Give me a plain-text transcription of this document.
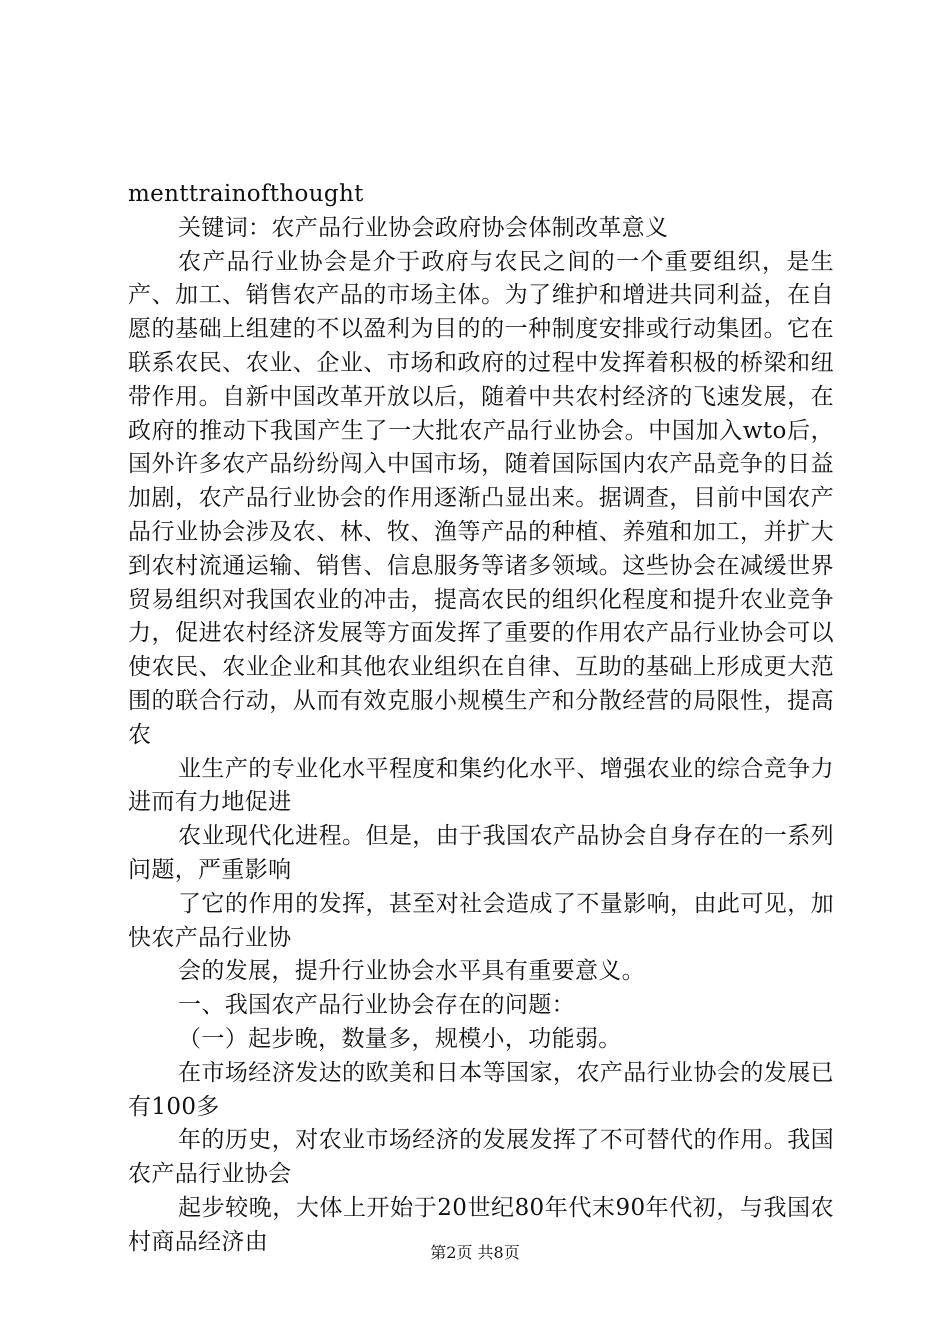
menttrainofthought

关键词：农产品行业协会政府协会体制改革意义

农产品行业协会是介于政府与农民之间的一个重要组织，是生产、加工、销售农产品的市场主体。为了维护和增进共同利益，在自愿的基础上组建的不以盈利为目的的一种制度安排或行动集团。它在联系农民、农业、企业、市场和政府的过程中发挥着积极的桥梁和纽带作用。自新中国改革开放以后，随着中共农村经济的飞速发展，在政府的推动下我国产生了一大批农产品行业协会。中国加入wto后，国外许多农产品纷纷闯入中国市场，随着国际国内农产品竞争的日益加剧，农产品行业协会的作用逐渐凸显出来。据调查，目前中国农产品行业协会涉及农、林、牧、渔等产品的种植、养殖和加工，并扩大到农村流通运输、销售、信息服务等诸多领域。这些协会在减缓世界贸易组织对我国农业的冲击，提高农民的组织化程度和提升农业竞争力，促进农村经济发展等方面发挥了重要的作用农产品行业协会可以使农民、农业企业和其他农业组织在自律、互助的基础上形成更大范围的联合行动，从而有效克服小规模生产和分散经营的局限性，提高农

业生产的专业化水平程度和集约化水平、增强农业的综合竞争力进而有力地促进

农业现代化进程。但是，由于我国农产品协会自身存在的一系列问题，严重影响

了它的作用的发挥，甚至对社会造成了不量影响，由此可见，加快农产品行业协

会的发展，提升行业协会水平具有重要意义。

一、我国农产品行业协会存在的问题：

（一）起步晚，数量多，规模小，功能弱。

在市场经济发达的欧美和日本等国家，农产品行业协会的发展已有100多

年的历史，对农业市场经济的发展发挥了不可替代的作用。我国农产品行业协会

起步较晚，大体上开始于20世纪80年代末90年代初，与我国农村商品经济由	第2页 共8页
